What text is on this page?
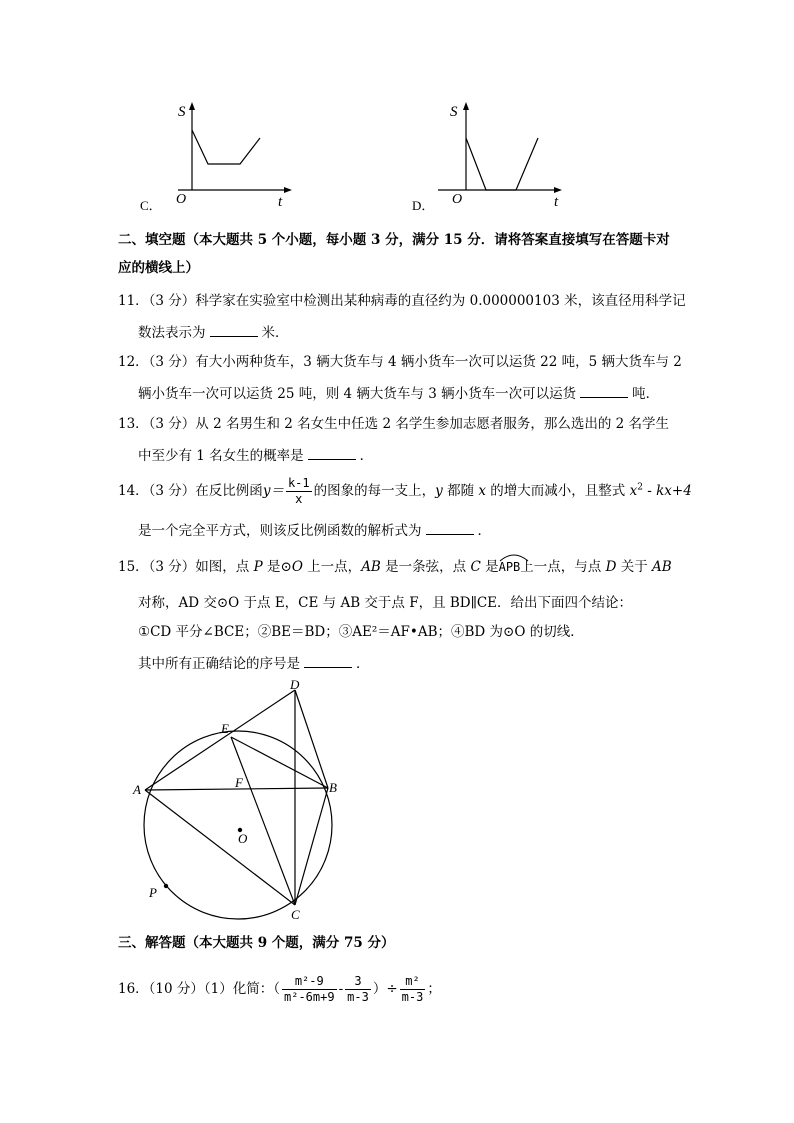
S
t
O
C．
S
t
O
D．
二、填空题（本大题共 5 个小题，每小题 3 分，满分 15 分．请将答案直接填写在答题卡对
应的横线上）
11．（3 分）科学家在实验室中检测出某种病毒的直径约为 0.000000103 米，该直径用科学记
数法表示为	米．
12．（3 分）有大小两种货车，3 辆大货车与 4 辆小货车一次可以运货 22 吨，5 辆大货车与 2
辆小货车一次可以运货 25 吨，则 4 辆大货车与 3 辆小货车一次可以运货	吨．
13．（3 分）从 2 名男生和 2 名女生中任选 2 名学生参加志愿者服务，那么选出的 2 名学生
中至少有 1 名女生的概率是	．
14．（3 分）在反比例函$y= \frac{k-1}{x}$ 的图象的每一支上，y 都随 x 的增大而减小，且整式 $x^2 - kx+4$
是一个完全平方式，则该反比例函数的解析式为	．
15．（3 分）如图，点 P 是⊙O 上一点，AB 是一条弦，点 C 是APB
上一点，与点 D 关于 AB
对称，AD 交⊙O 于点 E，CE 与 AB 交于点 F，且 BD∥CE．给出下面四个结论：
①CD 平分∠BCE；②BE＝BD；③AE²＝AF•AB；④BD 为⊙O 的切线．
其中所有正确结论的序号是	．
A	B
C
D
E
F
O
P
三、解答题（本大题共 9 个题，满分 75 分）
16．（10 分）（1）化简：（ $\frac{\text{m²-9}}{\text{m²-6m+9}} - \frac{3}{m-3}$ ）÷ $\frac{\text{m²}}{m-3}$ ；
